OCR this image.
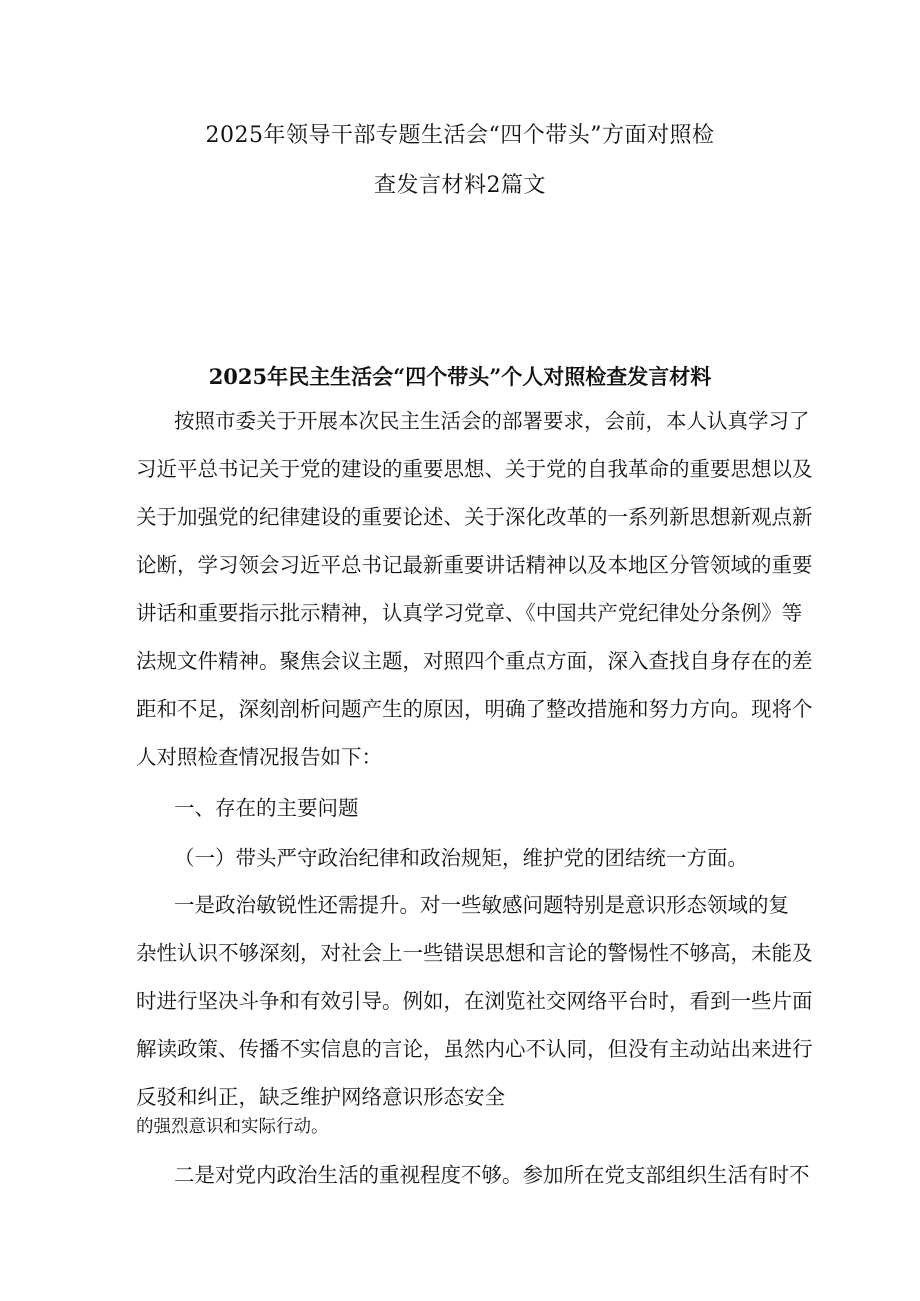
2025年领导干部专题生活会“四个带头”方面对照检
查发言材料2篇文
2025年民主生活会“四个带头”个人对照检查发言材料
按照市委关于开展本次民主生活会的部署要求，会前，本人认真学习了
习近平总书记关于党的建设的重要思想、关于党的自我革命的重要思想以及
关于加强党的纪律建设的重要论述、关于深化改革的一系列新思想新观点新
论断，学习领会习近平总书记最新重要讲话精神以及本地区分管领域的重要
讲话和重要指示批示精神，认真学习党章、《中国共产党纪律处分条例》等
法规文件精神。聚焦会议主题，对照四个重点方面，深入查找自身存在的差
距和不足，深刻剖析问题产生的原因，明确了整改措施和努力方向。现将个
人对照检查情况报告如下：
一、存在的主要问题
（一）带头严守政治纪律和政治规矩，维护党的团结统一方面。
一是政治敏锐性还需提升。对一些敏感问题特别是意识形态领域的复
杂性认识不够深刻，对社会上一些错误思想和言论的警惕性不够高，未能及
时进行坚决斗争和有效引导。例如，在浏览社交网络平台时，看到一些片面
解读政策、传播不实信息的言论，虽然内心不认同，但没有主动站出来进行
反驳和纠正，缺乏维护网络意识形态安全
的强烈意识和实际行动。
二是对党内政治生活的重视程度不够。参加所在党支部组织生活有时不
